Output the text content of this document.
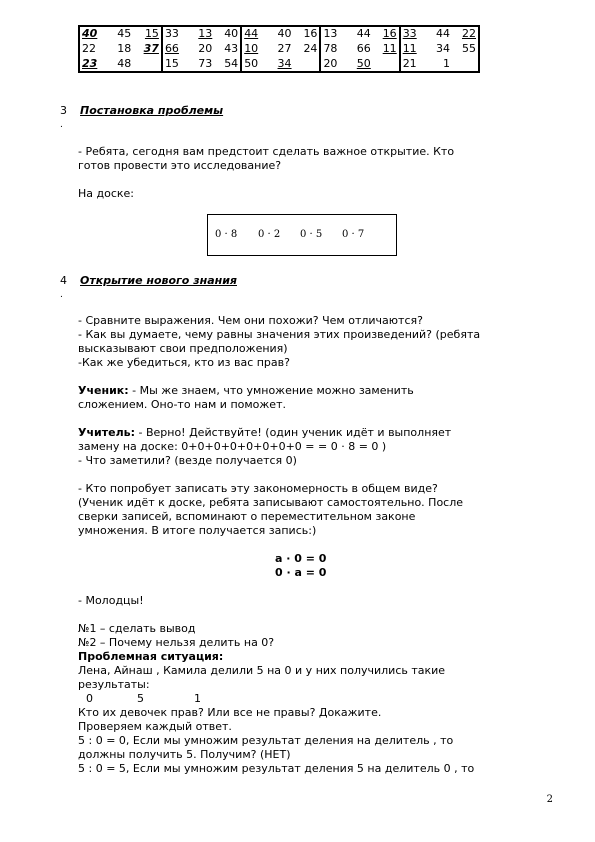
40	45	15	33	13	40	44	40	16	13	44	16	33	44	22
22	18	37	66	20	43	10	27	24	78	66	11	11	34	55
23	48		15	73	54	50	34		20	50		21	1	
3
.
Постановка проблемы
- Ребята, сегодня вам предстоит сделать важное открытие. Кто
готов провести это исследование?
На доске:
0 · 8 0 · 2 0 · 5 0 · 7
4
.
Открытие нового знания
- Сравните выражения. Чем они похожи? Чем отличаются?
- Как вы думаете, чему равны значения этих произведений? (ребята
высказывают свои предположения)
-Как же убедиться, кто из вас прав?
Ученик: - Мы же знаем, что умножение можно заменить
сложением. Оно-то нам и поможет.
Учитель: - Верно! Действуйте! (один ученик идёт и выполняет
замену на доске: 0+0+0+0+0+0+0+0 = = 0 · 8 = 0 )
- Что заметили? (везде получается 0)
- Кто попробует записать эту закономерность в общем виде?
(Ученик идёт к доске, ребята записывают самостоятельно. После
сверки записей, вспоминают о переместительном законе
умножения. В итоге получается запись:)
а · 0 = 0
0 · а = 0
- Молодцы!
№1 – сделать вывод
№2 – Почему нельзя делить на 0?
Проблемная ситуация:
Лена, Айнаш , Камила делили 5 на 0 и у них получились такие
результаты:
0	5	1
Кто их девочек прав? Или все не правы? Докажите.
Проверяем каждый ответ.
5 : 0 = 0, Если мы умножим результат деления на делитель , то
должны получить 5. Получим? (НЕТ)
5 : 0 = 5, Если мы умножим результат деления 5 на делитель 0 , то
2
